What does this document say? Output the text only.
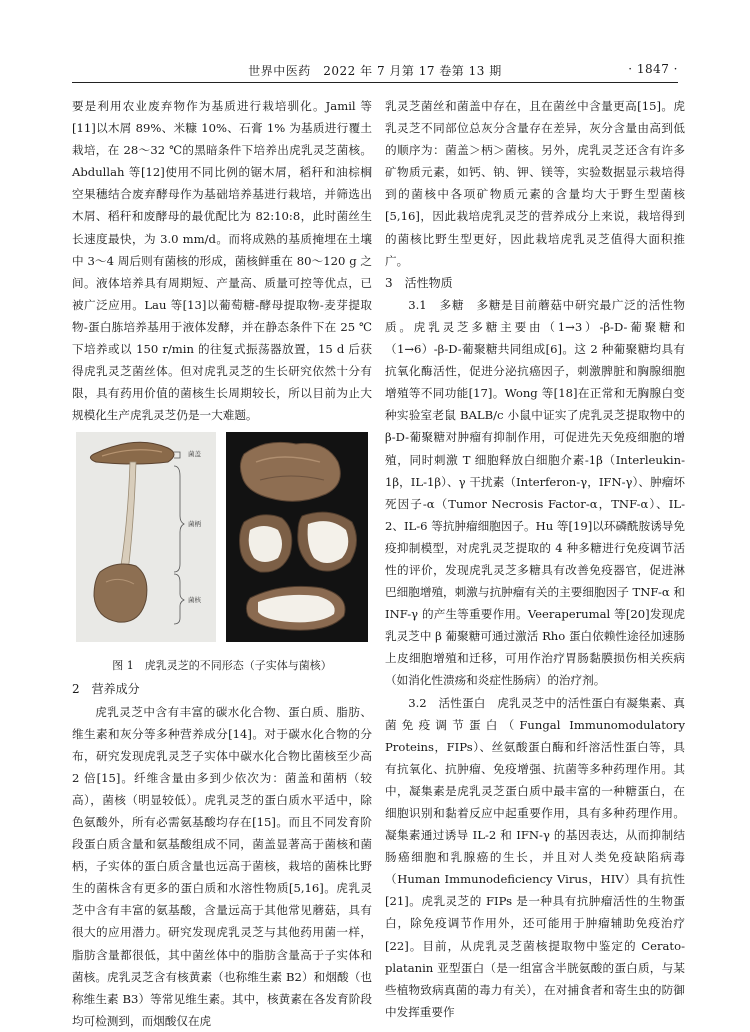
世界中医药　2022 年 7 月第 17 卷第 13 期	· 1847 ·

要是利用农业废弃物作为基质进行栽培驯化。Jamil 等[11]以木屑 89%、米糠 10%、石膏 1% 为基质进行覆土栽培，在 28～32 ℃的黑暗条件下培养出虎乳灵芝菌核。Abdullah 等[12]使用不同比例的锯木屑，稻秆和油棕榈空果穗结合废弃酵母作为基础培养基进行栽培，并筛选出木屑、稻秆和废酵母的最优配比为 82:10:8，此时菌丝生长速度最快，为 3.0 mm/d。而将成熟的基质掩埋在土壤中 3～4 周后则有菌核的形成，菌核鲜重在 80～120 g 之间。液体培养具有周期短、产量高、质量可控等优点，已被广泛应用。Lau 等[13]以葡萄糖-酵母提取物-麦芽提取物-蛋白胨培养基用于液体发酵，并在静态条件下在 25 ℃下培养或以 150 r/min 的往复式振荡器放置，15 d 后获得虎乳灵芝菌丝体。但对虎乳灵芝的生长研究依然十分有限，具有药用价值的菌核生长周期较长，所以目前为止大规模化生产虎乳灵芝仍是一大难题。

菌盖
菌柄
菌核
图 1　虎乳灵芝的不同形态（子实体与菌核）
2　营养成分

虎乳灵芝中含有丰富的碳水化合物、蛋白质、脂肪、维生素和灰分等多种营养成分[14]。对于碳水化合物的分布，研究发现虎乳灵芝子实体中碳水化合物比菌核至少高 2 倍[15]。纤维含量由多到少依次为：菌盖和菌柄（较高），菌核（明显较低）。虎乳灵芝的蛋白质水平适中，除色氨酸外，所有必需氨基酸均存在[15]。而且不同发育阶段蛋白质含量和氨基酸组成不同，菌盖显著高于菌核和菌柄，子实体的蛋白质含量也远高于菌核，栽培的菌株比野生的菌株含有更多的蛋白质和水溶性物质[5,16]。虎乳灵芝中含有丰富的氨基酸，含量远高于其他常见蘑菇，具有很大的应用潜力。研究发现虎乳灵芝与其他药用菌一样，脂肪含量都很低，其中菌丝体中的脂肪含量高于子实体和菌核。虎乳灵芝含有核黄素（也称维生素 B2）和烟酸（也称维生素 B3）等常见维生素。其中，核黄素在各发育阶段均可检测到，而烟酸仅在虎

乳灵芝菌丝和菌盖中存在，且在菌丝中含量更高[15]。虎乳灵芝不同部位总灰分含量存在差异，灰分含量由高到低的顺序为：菌盖＞柄＞菌核。另外，虎乳灵芝还含有许多矿物质元素，如钙、钠、钾、镁等，实验数据显示栽培得到的菌核中各项矿物质元素的含量均大于野生型菌核[5,16]，因此栽培虎乳灵芝的营养成分上来说，栽培得到的菌核比野生型更好，因此栽培虎乳灵芝值得大面积推广。

3　活性物质

3.1　多糖　多糖是目前蘑菇中研究最广泛的活性物质。虎乳灵芝多糖主要由（1→3）-β-D-葡聚糖和（1→6）-β-D-葡聚糖共同组成[6]。这 2 种葡聚糖均具有抗氧化酶活性，促进分泌抗癌因子，刺激脾脏和胸腺细胞增殖等不同功能[17]。Wong 等[18]在正常和无胸腺白变种实验室老鼠 BALB/c 小鼠中证实了虎乳灵芝提取物中的 β-D-葡聚糖对肿瘤有抑制作用，可促进先天免疫细胞的增殖，同时刺激 T 细胞释放白细胞介素-1β（Interleukin-1β，IL-1β）、γ 干扰素（Interferon-γ，IFN-γ）、肿瘤坏死因子-α（Tumor Necrosis Factor-α，TNF-α）、IL-2、IL-6 等抗肿瘤细胞因子。Hu 等[19]以环磷酰胺诱导免疫抑制模型，对虎乳灵芝提取的 4 种多糖进行免疫调节活性的评价，发现虎乳灵芝多糖具有改善免疫器官，促进淋巴细胞增殖，刺激与抗肿瘤有关的主要细胞因子 TNF-α 和 INF-γ 的产生等重要作用。Veeraperumal 等[20]发现虎乳灵芝中 β 葡聚糖可通过激活 Rho 蛋白依赖性途径加速肠上皮细胞增殖和迁移，可用作治疗胃肠黏膜损伤相关疾病（如消化性溃疡和炎症性肠病）的治疗剂。

3.2　活性蛋白　虎乳灵芝中的活性蛋白有凝集素、真菌免疫调节蛋白（Fungal Immunomodulatory Proteins，FIPs）、丝氨酸蛋白酶和纤溶活性蛋白等，具有抗氧化、抗肿瘤、免疫增强、抗菌等多种药理作用。其中，凝集素是虎乳灵芝蛋白质中最丰富的一种糖蛋白，在细胞识别和黏着反应中起重要作用，具有多种药理作用。凝集素通过诱导 IL-2 和 IFN-γ 的基因表达，从而抑制结肠癌细胞和乳腺癌的生长，并且对人类免疫缺陷病毒（Human Immunodeficiency Virus，HIV）具有抗性[21]。虎乳灵芝的 FIPs 是一种具有抗肿瘤活性的生物蛋白，除免疫调节作用外，还可能用于肿瘤辅助免疫治疗[22]。目前，从虎乳灵芝菌核提取物中鉴定的 Cerato-platanin 亚型蛋白（是一组富含半胱氨酸的蛋白质，与某些植物致病真菌的毒力有关），在对捕食者和寄生虫的防御中发挥重要作
